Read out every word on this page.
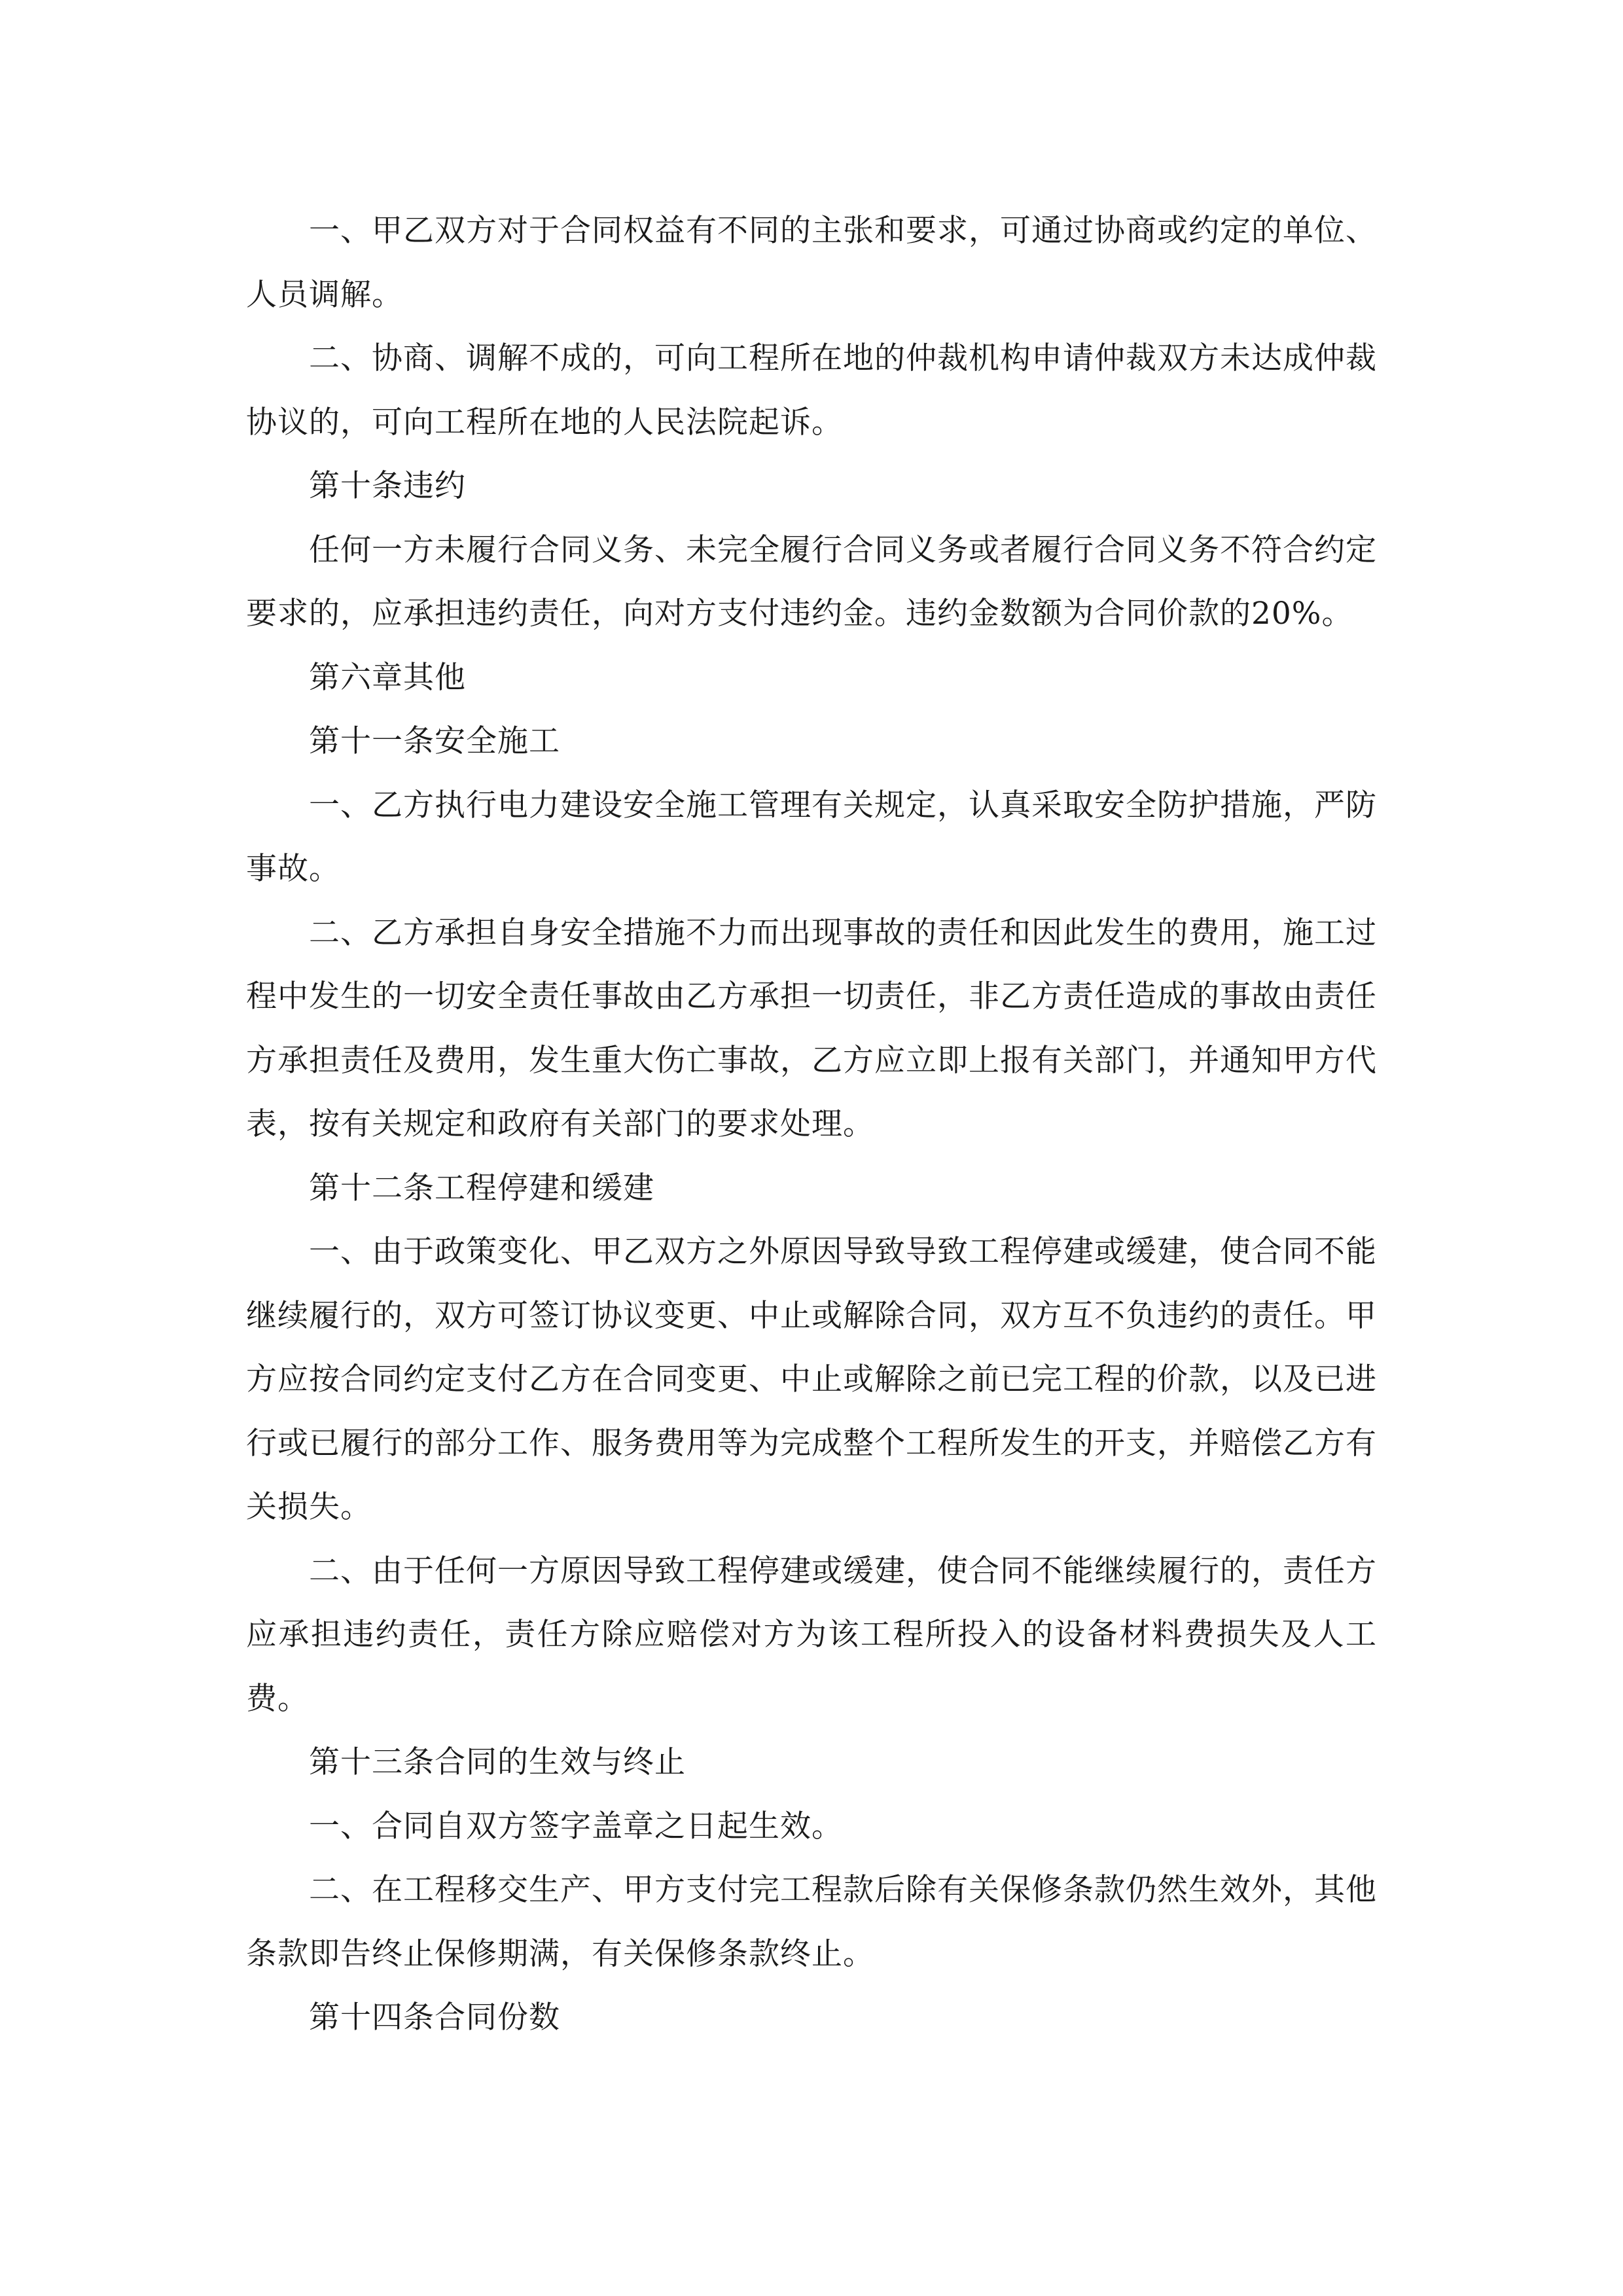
一、甲乙双方对于合同权益有不同的主张和要求，可通过协商或约定的单位、人员调解。

二、协商、调解不成的，可向工程所在地的仲裁机构申请仲裁双方未达成仲裁协议的，可向工程所在地的人民法院起诉。

第十条违约

任何一方未履行合同义务、未完全履行合同义务或者履行合同义务不符合约定要求的，应承担违约责任，向对方支付违约金。违约金数额为合同价款的20%。

第六章其他

第十一条安全施工

一、乙方执行电力建设安全施工管理有关规定，认真采取安全防护措施，严防事故。

二、乙方承担自身安全措施不力而出现事故的责任和因此发生的费用，施工过程中发生的一切安全责任事故由乙方承担一切责任，非乙方责任造成的事故由责任方承担责任及费用，发生重大伤亡事故，乙方应立即上报有关部门，并通知甲方代表，按有关规定和政府有关部门的要求处理。

第十二条工程停建和缓建

一、由于政策变化、甲乙双方之外原因导致导致工程停建或缓建，使合同不能继续履行的，双方可签订协议变更、中止或解除合同，双方互不负违约的责任。甲方应按合同约定支付乙方在合同变更、中止或解除之前已完工程的价款，以及已进行或已履行的部分工作、服务费用等为完成整个工程所发生的开支，并赔偿乙方有关损失。

二、由于任何一方原因导致工程停建或缓建，使合同不能继续履行的，责任方应承担违约责任，责任方除应赔偿对方为该工程所投入的设备材料费损失及人工费。

第十三条合同的生效与终止

一、合同自双方签字盖章之日起生效。

二、在工程移交生产、甲方支付完工程款后除有关保修条款仍然生效外，其他条款即告终止保修期满，有关保修条款终止。

第十四条合同份数
